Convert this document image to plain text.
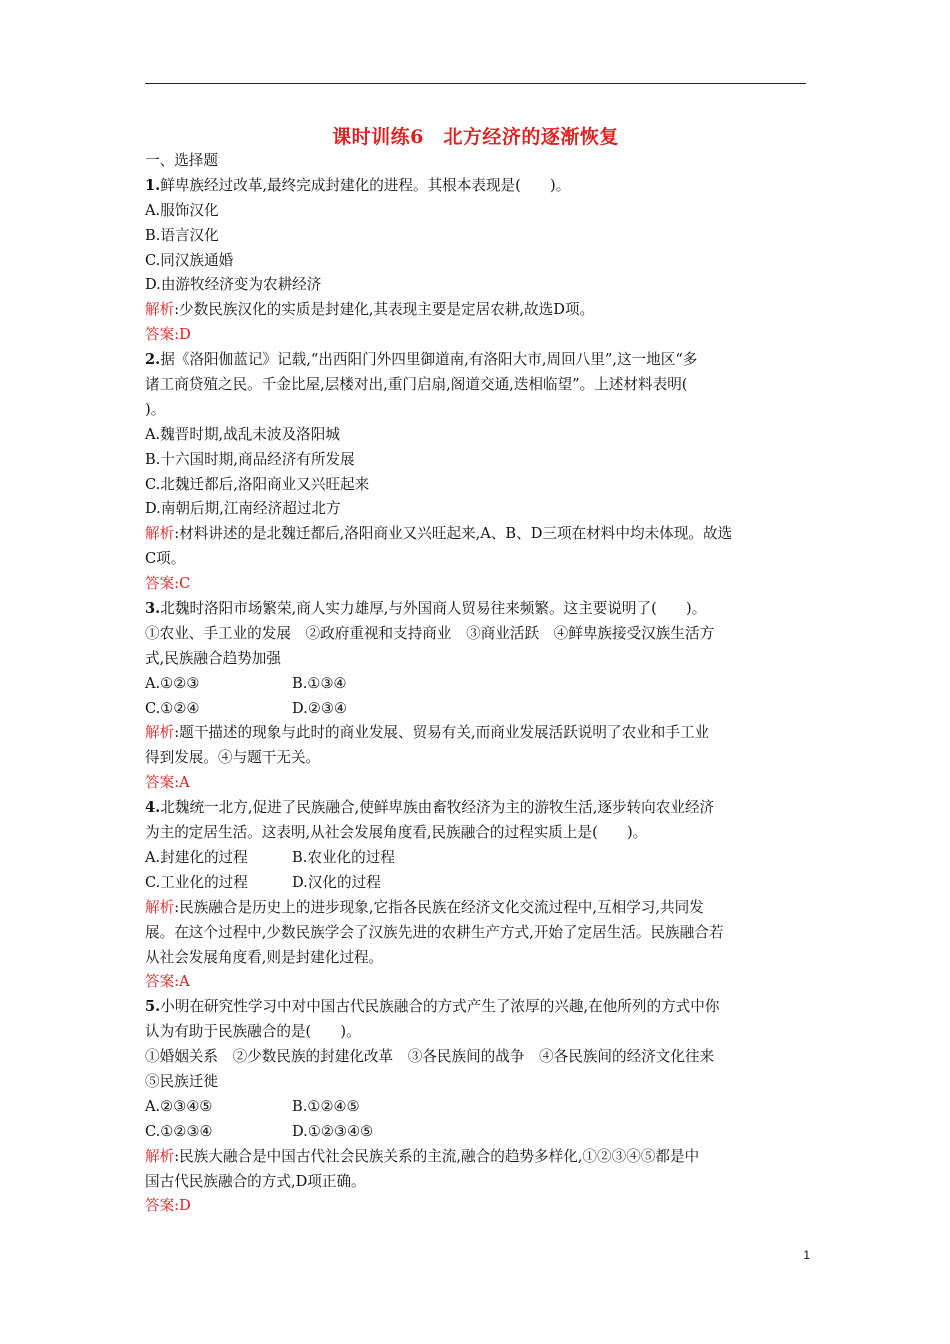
课时训练6　北方经济的逐渐恢复
一、选择题
1.鲜卑族经过改革,最终完成封建化的进程。其根本表现是(　　)。
A.服饰汉化
B.语言汉化
C.同汉族通婚
D.由游牧经济变为农耕经济
解析:少数民族汉化的实质是封建化,其表现主要是定居农耕,故选D项。
答案:D
2.据《洛阳伽蓝记》记载,“出西阳门外四里御道南,有洛阳大市,周回八里”,这一地区“多
诸工商贷殖之民。千金比屋,层楼对出,重门启扇,阁道交通,迭相临望”。上述材料表明(
)。
A.魏晋时期,战乱未波及洛阳城
B.十六国时期,商品经济有所发展
C.北魏迁都后,洛阳商业又兴旺起来
D.南朝后期,江南经济超过北方
解析:材料讲述的是北魏迁都后,洛阳商业又兴旺起来,A、B、D三项在材料中均未体现。故选
C项。
答案:C
3.北魏时洛阳市场繁荣,商人实力雄厚,与外国商人贸易往来频繁。这主要说明了(　　)。
①农业、手工业的发展　②政府重视和支持商业　③商业活跃　④鲜卑族接受汉族生活方
式,民族融合趋势加强
A.①②③	B.①③④
C.①②④	D.②③④
解析:题干描述的现象与此时的商业发展、贸易有关,而商业发展活跃说明了农业和手工业
得到发展。④与题干无关。
答案:A
4.北魏统一北方,促进了民族融合,使鲜卑族由畜牧经济为主的游牧生活,逐步转向农业经济
为主的定居生活。这表明,从社会发展角度看,民族融合的过程实质上是(　　)。
A.封建化的过程	B.农业化的过程
C.工业化的过程	D.汉化的过程
解析:民族融合是历史上的进步现象,它指各民族在经济文化交流过程中,互相学习,共同发
展。在这个过程中,少数民族学会了汉族先进的农耕生产方式,开始了定居生活。民族融合若
从社会发展角度看,则是封建化过程。
答案:A
5.小明在研究性学习中对中国古代民族融合的方式产生了浓厚的兴趣,在他所列的方式中你
认为有助于民族融合的是(　　)。
①婚姻关系　②少数民族的封建化改革　③各民族间的战争　④各民族间的经济文化往来
⑤民族迁徙
A.②③④⑤	B.①②④⑤
C.①②③④	D.①②③④⑤
解析:民族大融合是中国古代社会民族关系的主流,融合的趋势多样化,①②③④⑤都是中
国古代民族融合的方式,D项正确。
答案:D
1
